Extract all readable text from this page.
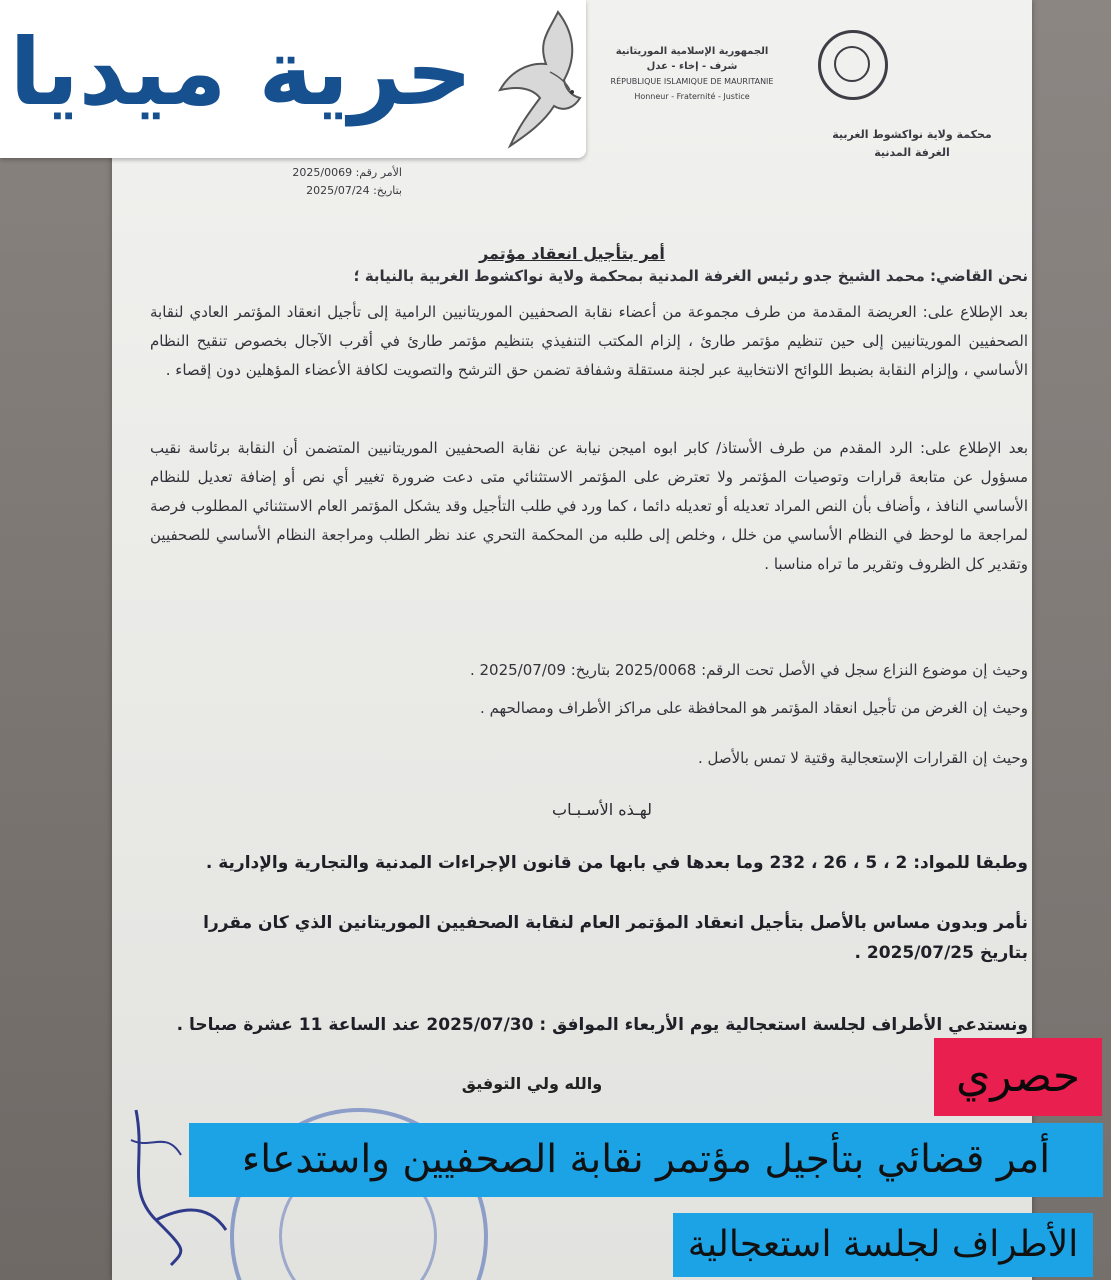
الجمهورية الإسلامية الموريتانية
شرف - إخاء - عدل
RÉPUBLIQUE ISLAMIQUE DE MAURITANIE
Honneur - Fraternité - Justice
محكمة ولاية نواكشوط الغربية
الغرفة المدنية
الأمر رقم: 2025/0069
بتاريخ: 2025/07/24
أمر بتأجيل انعقاد مؤتمر
نحن القاضي: محمد الشيخ جدو رئيس الغرفة المدنية بمحكمة ولاية نواكشوط الغربية بالنيابة ؛
بعد الإطلاع على: العريضة المقدمة من طرف مجموعة من أعضاء نقابة الصحفيين الموريتانيين الرامية إلى تأجيل انعقاد المؤتمر العادي لنقابة الصحفيين الموريتانيين إلى حين تنظيم مؤتمر طارئ ، إلزام المكتب التنفيذي بتنظيم مؤتمر طارئ في أقرب الآجال بخصوص تنقيح النظام الأساسي ، وإلزام النقابة بضبط اللوائح الانتخابية عبر لجنة مستقلة وشفافة تضمن حق الترشح والتصويت لكافة الأعضاء المؤهلين دون إقصاء .
بعد الإطلاع على: الرد المقدم من طرف الأستاذ/ كابر ابوه اميجن نيابة عن نقابة الصحفيين الموريتانيين المتضمن أن النقابة برئاسة نقيب مسؤول عن متابعة قرارات وتوصيات المؤتمر ولا تعترض على المؤتمر الاستثنائي متى دعت ضرورة تغيير أي نص أو إضافة تعديل للنظام الأساسي النافذ ، وأضاف بأن النص المراد تعديله أو تعديله دائما ، كما ورد في طلب التأجيل وقد يشكل المؤتمر العام الاستثنائي المطلوب فرصة لمراجعة ما لوحظ في النظام الأساسي من خلل ، وخلص إلى طلبه من المحكمة التحري عند نظر الطلب ومراجعة النظام الأساسي للصحفيين وتقدير كل الظروف وتقرير ما تراه مناسبا .
وحيث إن موضوع النزاع سجل في الأصل تحت الرقم: 2025/0068 بتاريخ: 2025/07/09 .
وحيث إن الغرض من تأجيل انعقاد المؤتمر هو المحافظة على مراكز الأطراف ومصالحهم .
وحيث إن القرارات الإستعجالية وقتية لا تمس بالأصل .
لهـذه الأسـبـاب
وطبقا للمواد: 2 ، 5 ، 26 ، 232 وما بعدها في بابها من قانون الإجراءات المدنية والتجارية والإدارية .
نأمر وبدون مساس بالأصل بتأجيل انعقاد المؤتمر العام لنقابة الصحفيين الموريتانين الذي كان مقررا
بتاريخ 2025/07/25 .
ونستدعي الأطراف لجلسة استعجالية يوم الأربعاء الموافق : 2025/07/30 عند الساعة 11 عشرة صباحا .
والله ولي التوفيق
حرية ميديا
حصري
أمر قضائي بتأجيل مؤتمر نقابة الصحفيين واستدعاء
الأطراف لجلسة استعجالية
